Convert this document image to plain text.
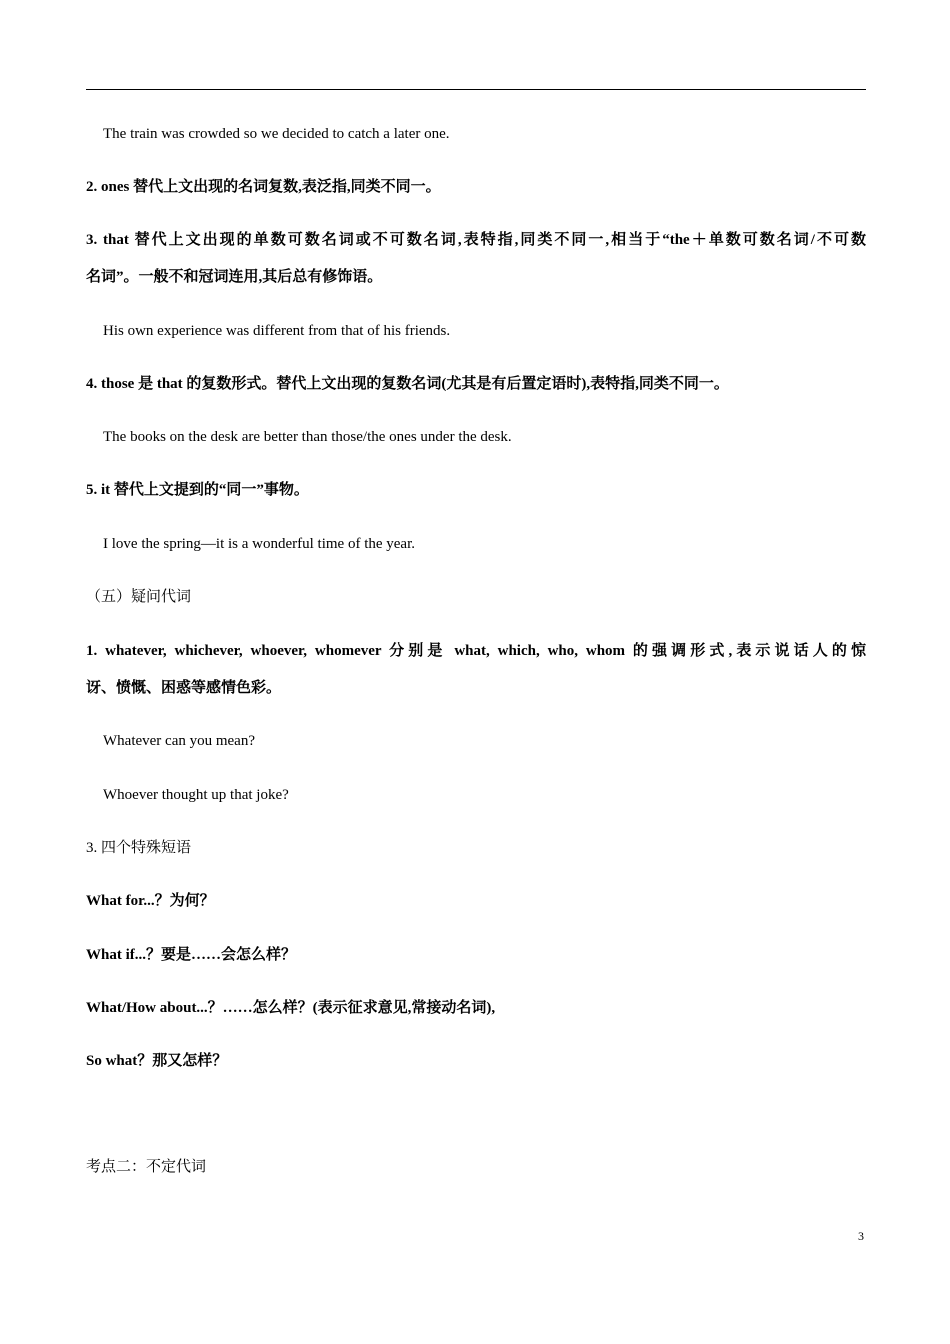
The train was crowded so we decided to catch a later one.
2. ones 替代上文出现的名词复数,表泛指,同类不同一。
3. that 替代上文出现的单数可数名词或不可数名词,表特指,同类不同一,相当于“the＋单数可数名词/不可数
名词”。一般不和冠词连用,其后总有修饰语。
His own experience was different from that of his friends.
4. those 是 that 的复数形式。替代上文出现的复数名词(尤其是有后置定语时),表特指,同类不同一。
The books on the desk are better than those/the ones under the desk.
5. it 替代上文提到的“同一”事物。
I love the spring—it is a wonderful time of the year.
（五）疑问代词
1. whatever, whichever, whoever, whomever 分别是 what, which, who, whom 的强调形式,表示说话人的惊
讶、愤慨、困惑等感情色彩。
Whatever can you mean?
Whoever thought up that joke?
3. 四个特殊短语
What for...？为何？
What if...？要是……会怎么样？
What/How about...？……怎么样？(表示征求意见,常接动名词),
So what？那又怎样？
考点二：不定代词
3
